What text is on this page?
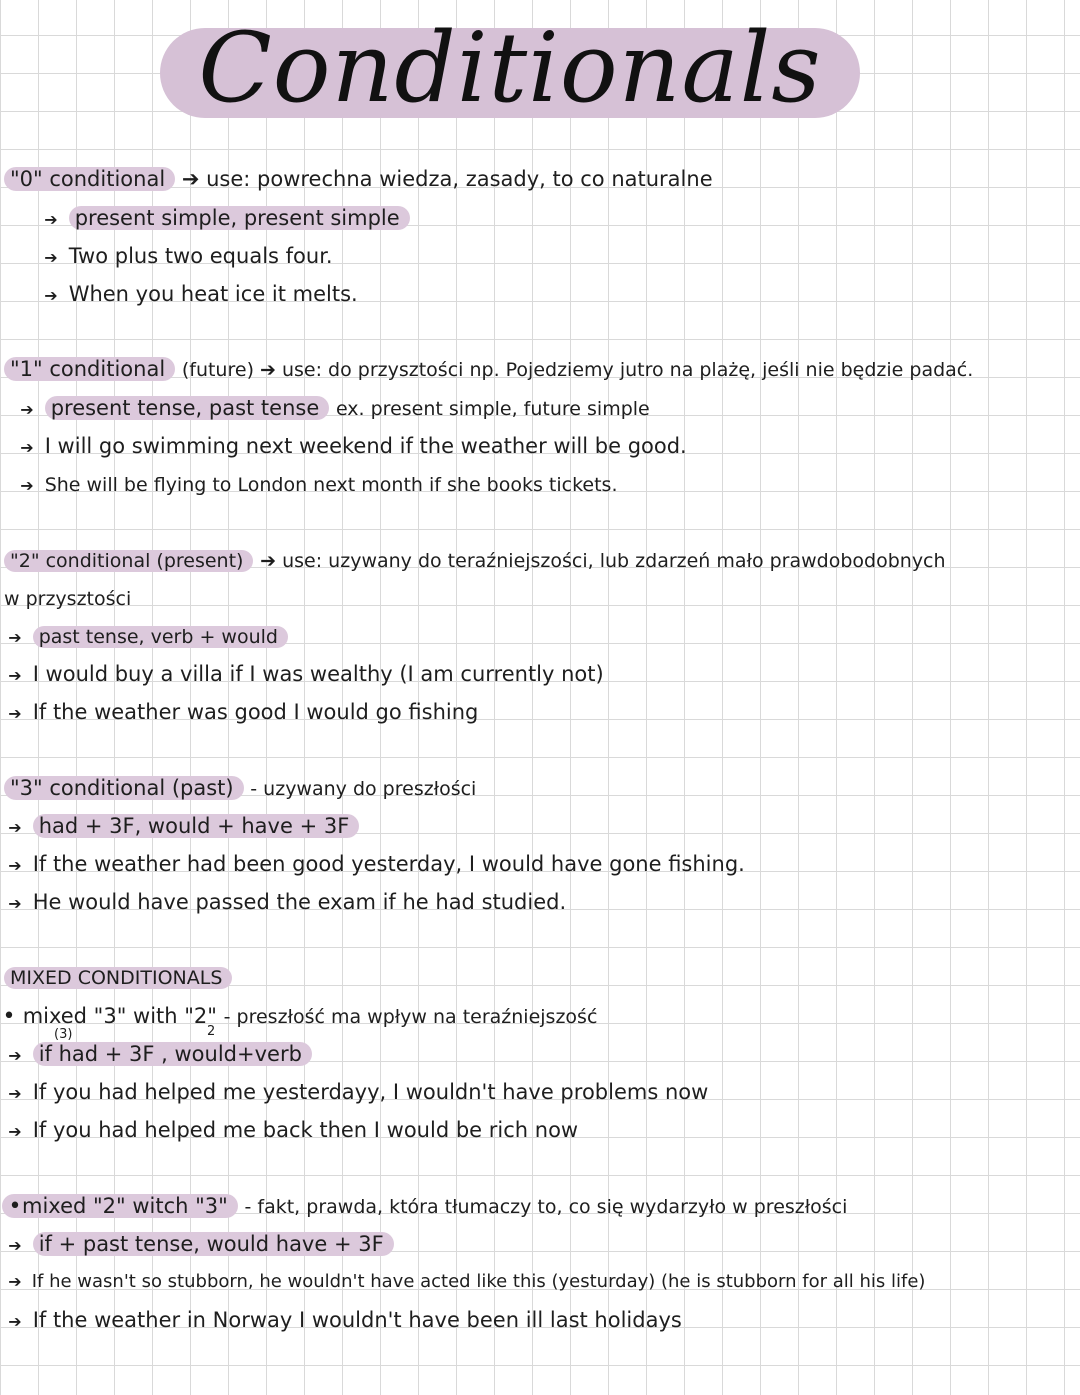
Conditionals
"0" conditional ➔ use: powrechna wiedza, zasady, to co naturalne
➔ present simple, present simple
➔ Two plus two equals four.
➔ When you heat ice it melts.
"1" conditional (future) ➔ use: do przysztości np. Pojedziemy jutro na plażę, jeśli nie będzie padać.
➔ present tense, past tense ex. present simple, future simple
➔ I will go swimming next weekend if the weather will be good.
➔ She will be flying to London next month if she books tickets.
"2" conditional (present) ➔ use: uzywany do teraźniejszości, lub zdarzeń mało prawdobodobnych
w przysztości
➔ past tense, verb + would
➔ I would buy a villa if I was wealthy (I am currently not)
➔ If the weather was good I would go fishing
"3" conditional (past) - uzywany do preszłości
➔ had + 3F, would + have + 3F
➔ If the weather had been good yesterday, I would have gone fishing.
➔ He would have passed the exam if he had studied.
MIXED CONDITIONALS
• mixed "3" with "2" - preszłość ma wpływ na teraźniejszość
(3)	2
➔ if had + 3F , would+verb
➔ If you had helped me yesterdayy, I wouldn't have problems now
➔ If you had helped me back then I would be rich now
•mixed "2" witch "3" - fakt, prawda, która tłumaczy to, co się wydarzyło w preszłości
➔ if + past tense, would have + 3F
➔ If he wasn't so stubborn, he wouldn't have acted like this (yesturday) (he is stubborn for all his life)
➔ If the weather in Norway I wouldn't have been ill last holidays
